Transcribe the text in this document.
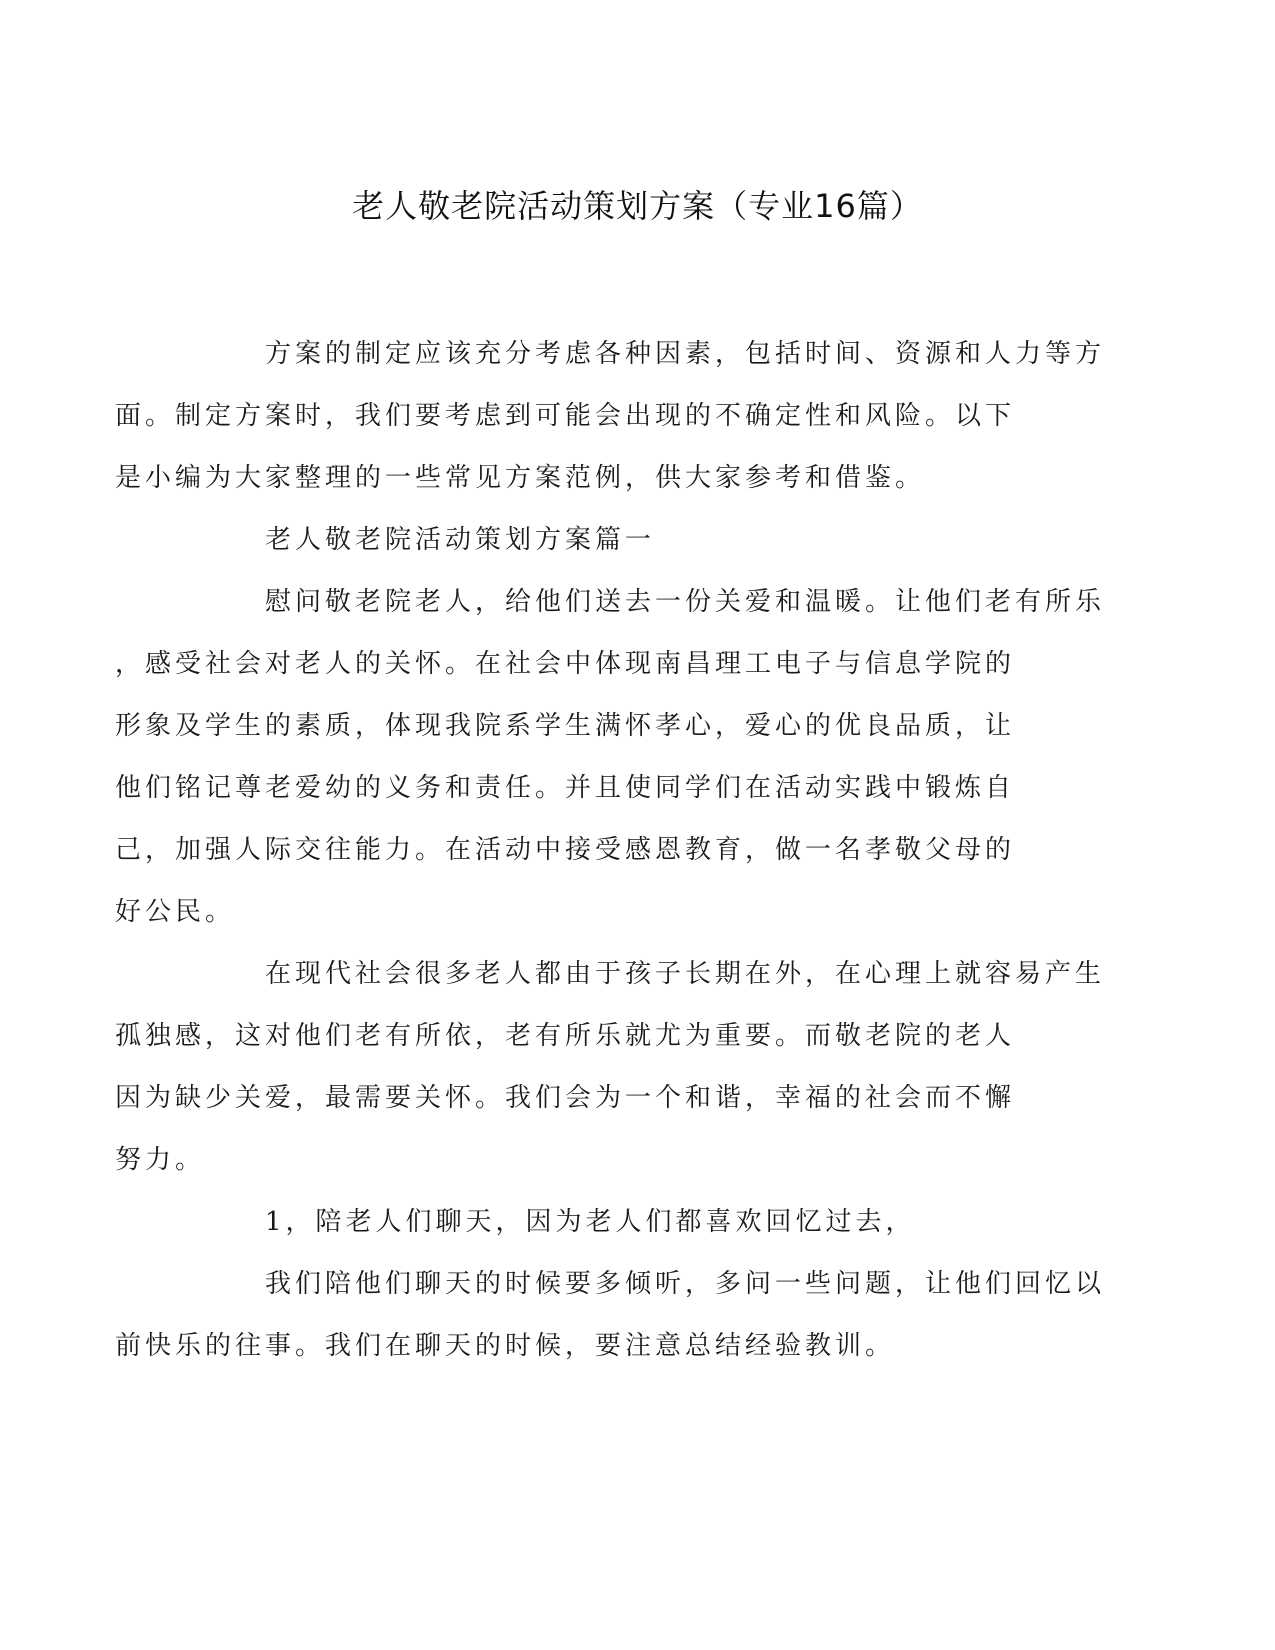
老人敬老院活动策划方案（专业16篇）

方案的制定应该充分考虑各种因素，包括时间、资源和人力等方
面。制定方案时，我们要考虑到可能会出现的不确定性和风险。以下
是小编为大家整理的一些常见方案范例，供大家参考和借鉴。

老人敬老院活动策划方案篇一

慰问敬老院老人，给他们送去一份关爱和温暖。让他们老有所乐
，感受社会对老人的关怀。在社会中体现南昌理工电子与信息学院的
形象及学生的素质，体现我院系学生满怀孝心，爱心的优良品质，让
他们铭记尊老爱幼的义务和责任。并且使同学们在活动实践中锻炼自
己，加强人际交往能力。在活动中接受感恩教育，做一名孝敬父母的
好公民。

在现代社会很多老人都由于孩子长期在外，在心理上就容易产生
孤独感，这对他们老有所依，老有所乐就尤为重要。而敬老院的老人
因为缺少关爱，最需要关怀。我们会为一个和谐，幸福的社会而不懈
努力。

1，陪老人们聊天，因为老人们都喜欢回忆过去，

我们陪他们聊天的时候要多倾听，多问一些问题，让他们回忆以
前快乐的往事。我们在聊天的时候，要注意总结经验教训。
